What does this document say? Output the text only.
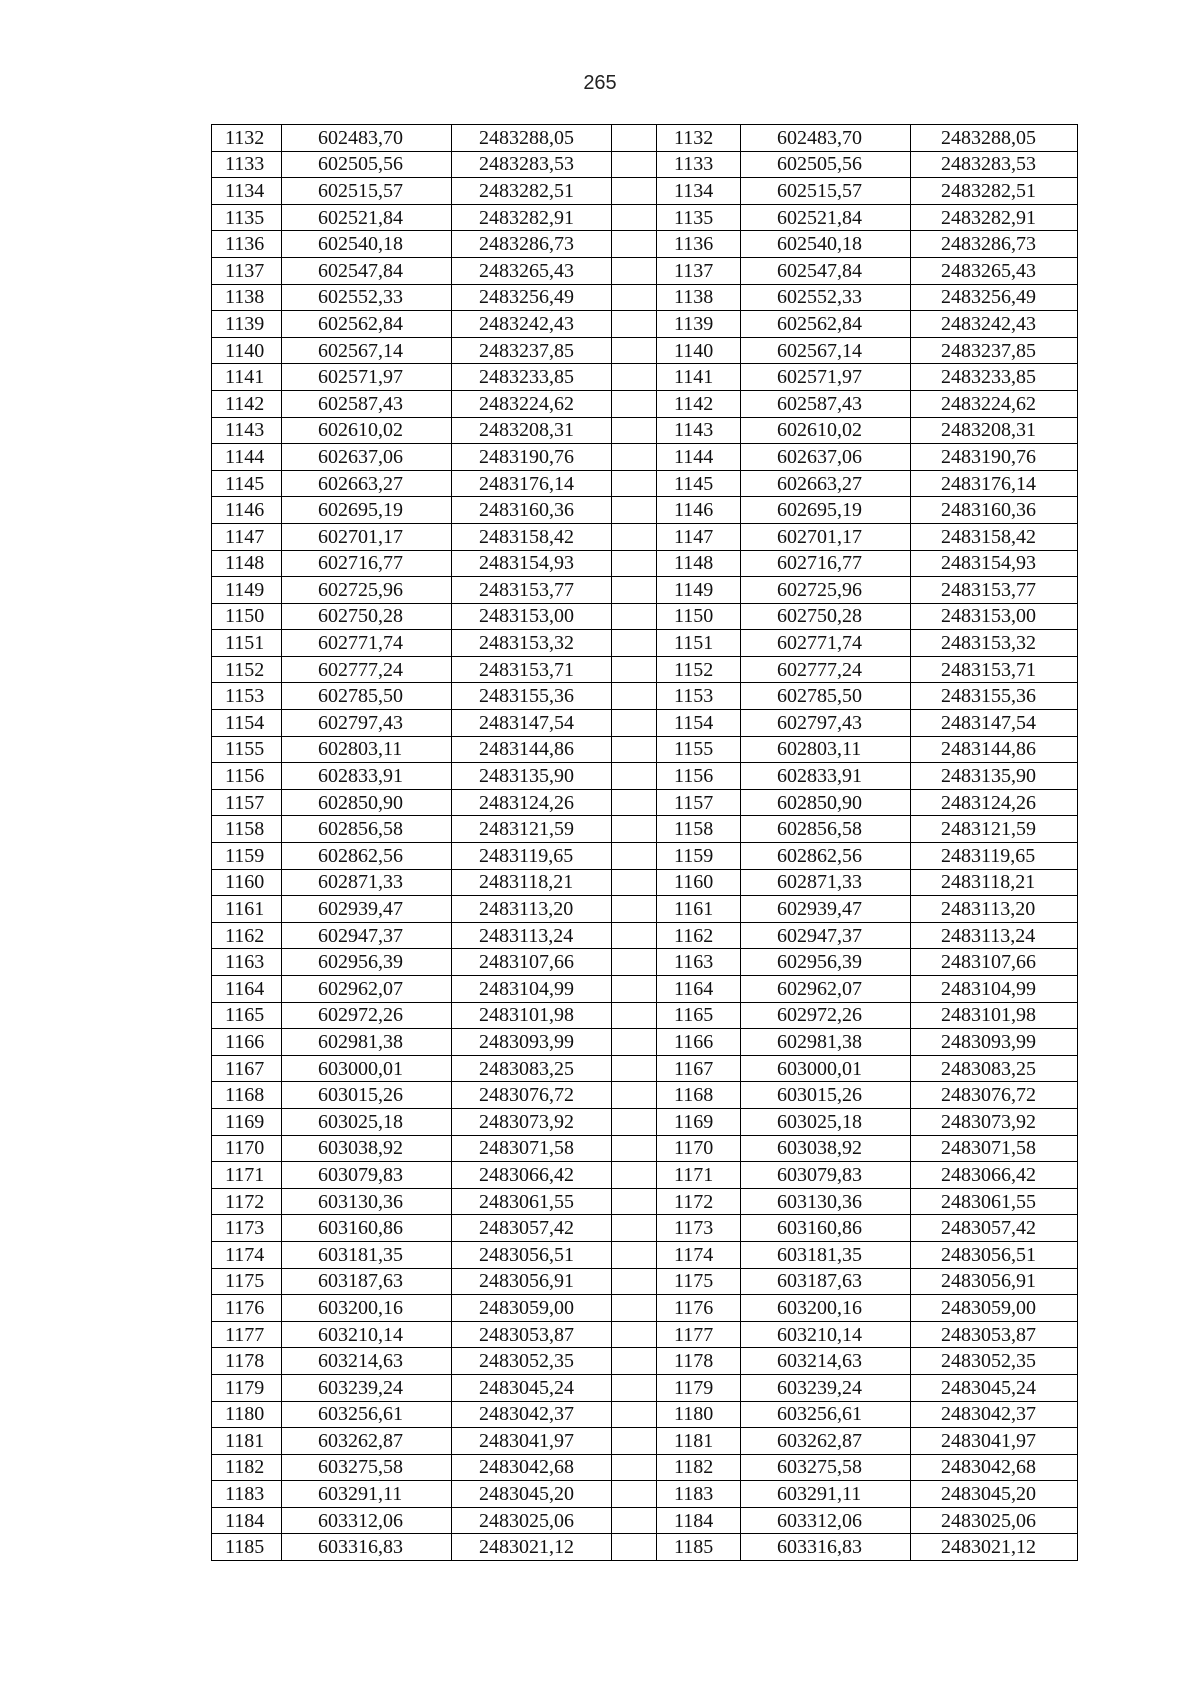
265
1132	602483,70	2483288,05		1132	602483,70	2483288,05
1133	602505,56	2483283,53		1133	602505,56	2483283,53
1134	602515,57	2483282,51		1134	602515,57	2483282,51
1135	602521,84	2483282,91		1135	602521,84	2483282,91
1136	602540,18	2483286,73		1136	602540,18	2483286,73
1137	602547,84	2483265,43		1137	602547,84	2483265,43
1138	602552,33	2483256,49		1138	602552,33	2483256,49
1139	602562,84	2483242,43		1139	602562,84	2483242,43
1140	602567,14	2483237,85		1140	602567,14	2483237,85
1141	602571,97	2483233,85		1141	602571,97	2483233,85
1142	602587,43	2483224,62		1142	602587,43	2483224,62
1143	602610,02	2483208,31		1143	602610,02	2483208,31
1144	602637,06	2483190,76		1144	602637,06	2483190,76
1145	602663,27	2483176,14		1145	602663,27	2483176,14
1146	602695,19	2483160,36		1146	602695,19	2483160,36
1147	602701,17	2483158,42		1147	602701,17	2483158,42
1148	602716,77	2483154,93		1148	602716,77	2483154,93
1149	602725,96	2483153,77		1149	602725,96	2483153,77
1150	602750,28	2483153,00		1150	602750,28	2483153,00
1151	602771,74	2483153,32		1151	602771,74	2483153,32
1152	602777,24	2483153,71		1152	602777,24	2483153,71
1153	602785,50	2483155,36		1153	602785,50	2483155,36
1154	602797,43	2483147,54		1154	602797,43	2483147,54
1155	602803,11	2483144,86		1155	602803,11	2483144,86
1156	602833,91	2483135,90		1156	602833,91	2483135,90
1157	602850,90	2483124,26		1157	602850,90	2483124,26
1158	602856,58	2483121,59		1158	602856,58	2483121,59
1159	602862,56	2483119,65		1159	602862,56	2483119,65
1160	602871,33	2483118,21		1160	602871,33	2483118,21
1161	602939,47	2483113,20		1161	602939,47	2483113,20
1162	602947,37	2483113,24		1162	602947,37	2483113,24
1163	602956,39	2483107,66		1163	602956,39	2483107,66
1164	602962,07	2483104,99		1164	602962,07	2483104,99
1165	602972,26	2483101,98		1165	602972,26	2483101,98
1166	602981,38	2483093,99		1166	602981,38	2483093,99
1167	603000,01	2483083,25		1167	603000,01	2483083,25
1168	603015,26	2483076,72		1168	603015,26	2483076,72
1169	603025,18	2483073,92		1169	603025,18	2483073,92
1170	603038,92	2483071,58		1170	603038,92	2483071,58
1171	603079,83	2483066,42		1171	603079,83	2483066,42
1172	603130,36	2483061,55		1172	603130,36	2483061,55
1173	603160,86	2483057,42		1173	603160,86	2483057,42
1174	603181,35	2483056,51		1174	603181,35	2483056,51
1175	603187,63	2483056,91		1175	603187,63	2483056,91
1176	603200,16	2483059,00		1176	603200,16	2483059,00
1177	603210,14	2483053,87		1177	603210,14	2483053,87
1178	603214,63	2483052,35		1178	603214,63	2483052,35
1179	603239,24	2483045,24		1179	603239,24	2483045,24
1180	603256,61	2483042,37		1180	603256,61	2483042,37
1181	603262,87	2483041,97		1181	603262,87	2483041,97
1182	603275,58	2483042,68		1182	603275,58	2483042,68
1183	603291,11	2483045,20		1183	603291,11	2483045,20
1184	603312,06	2483025,06		1184	603312,06	2483025,06
1185	603316,83	2483021,12		1185	603316,83	2483021,12
